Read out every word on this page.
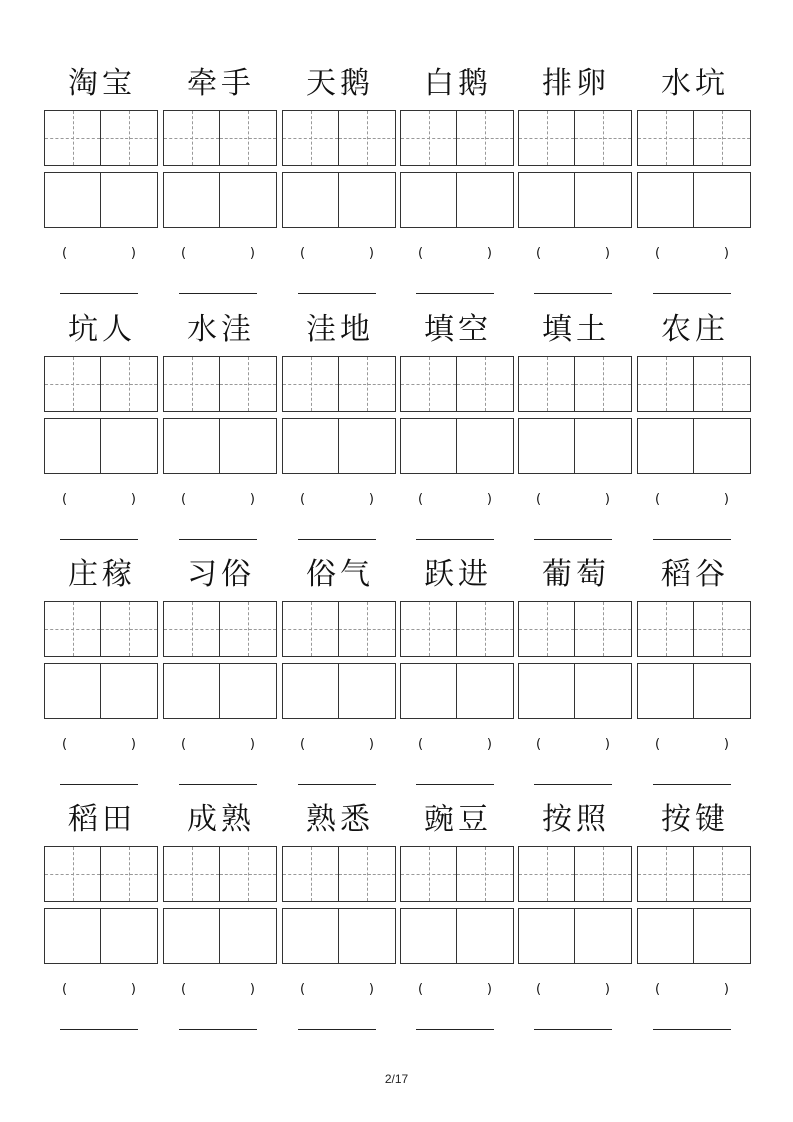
淘宝
(	)
牵手
(	)
天鹅
(	)
白鹅
(	)
排卵
(	)
水坑
(	)
坑人
(	)
水洼
(	)
洼地
(	)
填空
(	)
填土
(	)
农庄
(	)
庄稼
(	)
习俗
(	)
俗气
(	)
跃进
(	)
葡萄
(	)
稻谷
(	)
稻田
(	)
成熟
(	)
熟悉
(	)
豌豆
(	)
按照
(	)
按键
(	)
2/17
